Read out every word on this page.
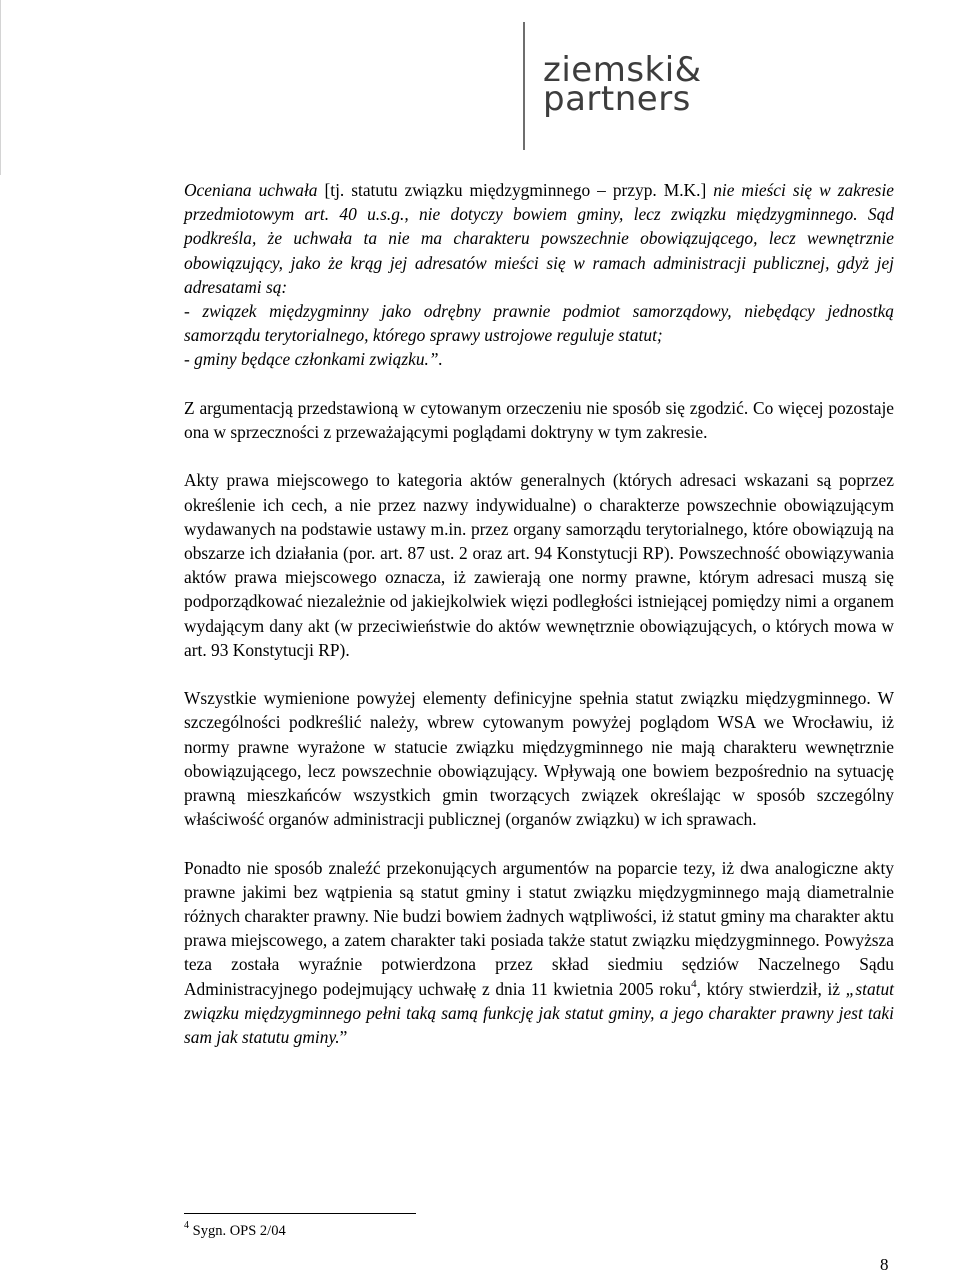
ziemski&
partners

Oceniana uchwała [tj. statutu związku międzygminnego – przyp. M.K.] nie mieści się w zakresie przedmiotowym art. 40 u.s.g., nie dotyczy bowiem gminy, lecz związku międzygminnego. Sąd podkreśla, że uchwała ta nie ma charakteru powszechnie obowiązującego, lecz wewnętrznie obowiązujący, jako że krąg jej adresatów mieści się w ramach administracji publicznej, gdyż jej adresatami są:
- związek międzygminny jako odrębny prawnie podmiot samorządowy, niebędący jednostką samorządu terytorialnego, którego sprawy ustrojowe reguluje statut;
- gminy będące członkami związku.”.

Z argumentacją przedstawioną w cytowanym orzeczeniu nie sposób się zgodzić. Co więcej pozostaje ona w sprzeczności z przeważającymi poglądami doktryny w tym zakresie.

Akty prawa miejscowego to kategoria aktów generalnych (których adresaci wskazani są poprzez określenie ich cech, a nie przez nazwy indywidualne) o charakterze powszechnie obowiązującym wydawanych na podstawie ustawy m.in. przez organy samorządu terytorialnego, które obowiązują na obszarze ich działania (por. art. 87 ust. 2 oraz art. 94 Konstytucji RP). Powszechność obowiązywania aktów prawa miejscowego oznacza, iż zawierają one normy prawne, którym adresaci muszą się podporządkować niezależnie od jakiejkolwiek więzi podległości istniejącej pomiędzy nimi a organem wydającym dany akt (w przeciwieństwie do aktów wewnętrznie obowiązujących, o których mowa w art. 93 Konstytucji RP).

Wszystkie wymienione powyżej elementy definicyjne spełnia statut związku międzygminnego. W szczególności podkreślić należy, wbrew cytowanym powyżej poglądom WSA we Wrocławiu, iż normy prawne wyrażone w statucie związku międzygminnego nie mają charakteru wewnętrznie obowiązującego, lecz powszechnie obowiązujący. Wpływają one bowiem bezpośrednio na sytuację prawną mieszkańców wszystkich gmin tworzących związek określając w sposób szczególny właściwość organów administracji publicznej (organów związku) w ich sprawach.

Ponadto nie sposób znaleźć przekonujących argumentów na poparcie tezy, iż dwa analogiczne akty prawne jakimi bez wątpienia są statut gminy i statut związku międzygminnego mają diametralnie różnych charakter prawny. Nie budzi bowiem żadnych wątpliwości, iż statut gminy ma charakter aktu prawa miejscowego, a zatem charakter taki posiada także statut związku międzygminnego. Powyższa teza została wyraźnie potwierdzona przez skład siedmiu sędziów Naczelnego Sądu Administracyjnego podejmujący uchwałę z dnia 11 kwietnia 2005 roku$^4$, który stwierdził, iż „statut związku międzygminnego pełni taką samą funkcję jak statut gminy, a jego charakter prawny jest taki sam jak statutu gminy.”

$^4$ Sygn. OPS 2/04
8
